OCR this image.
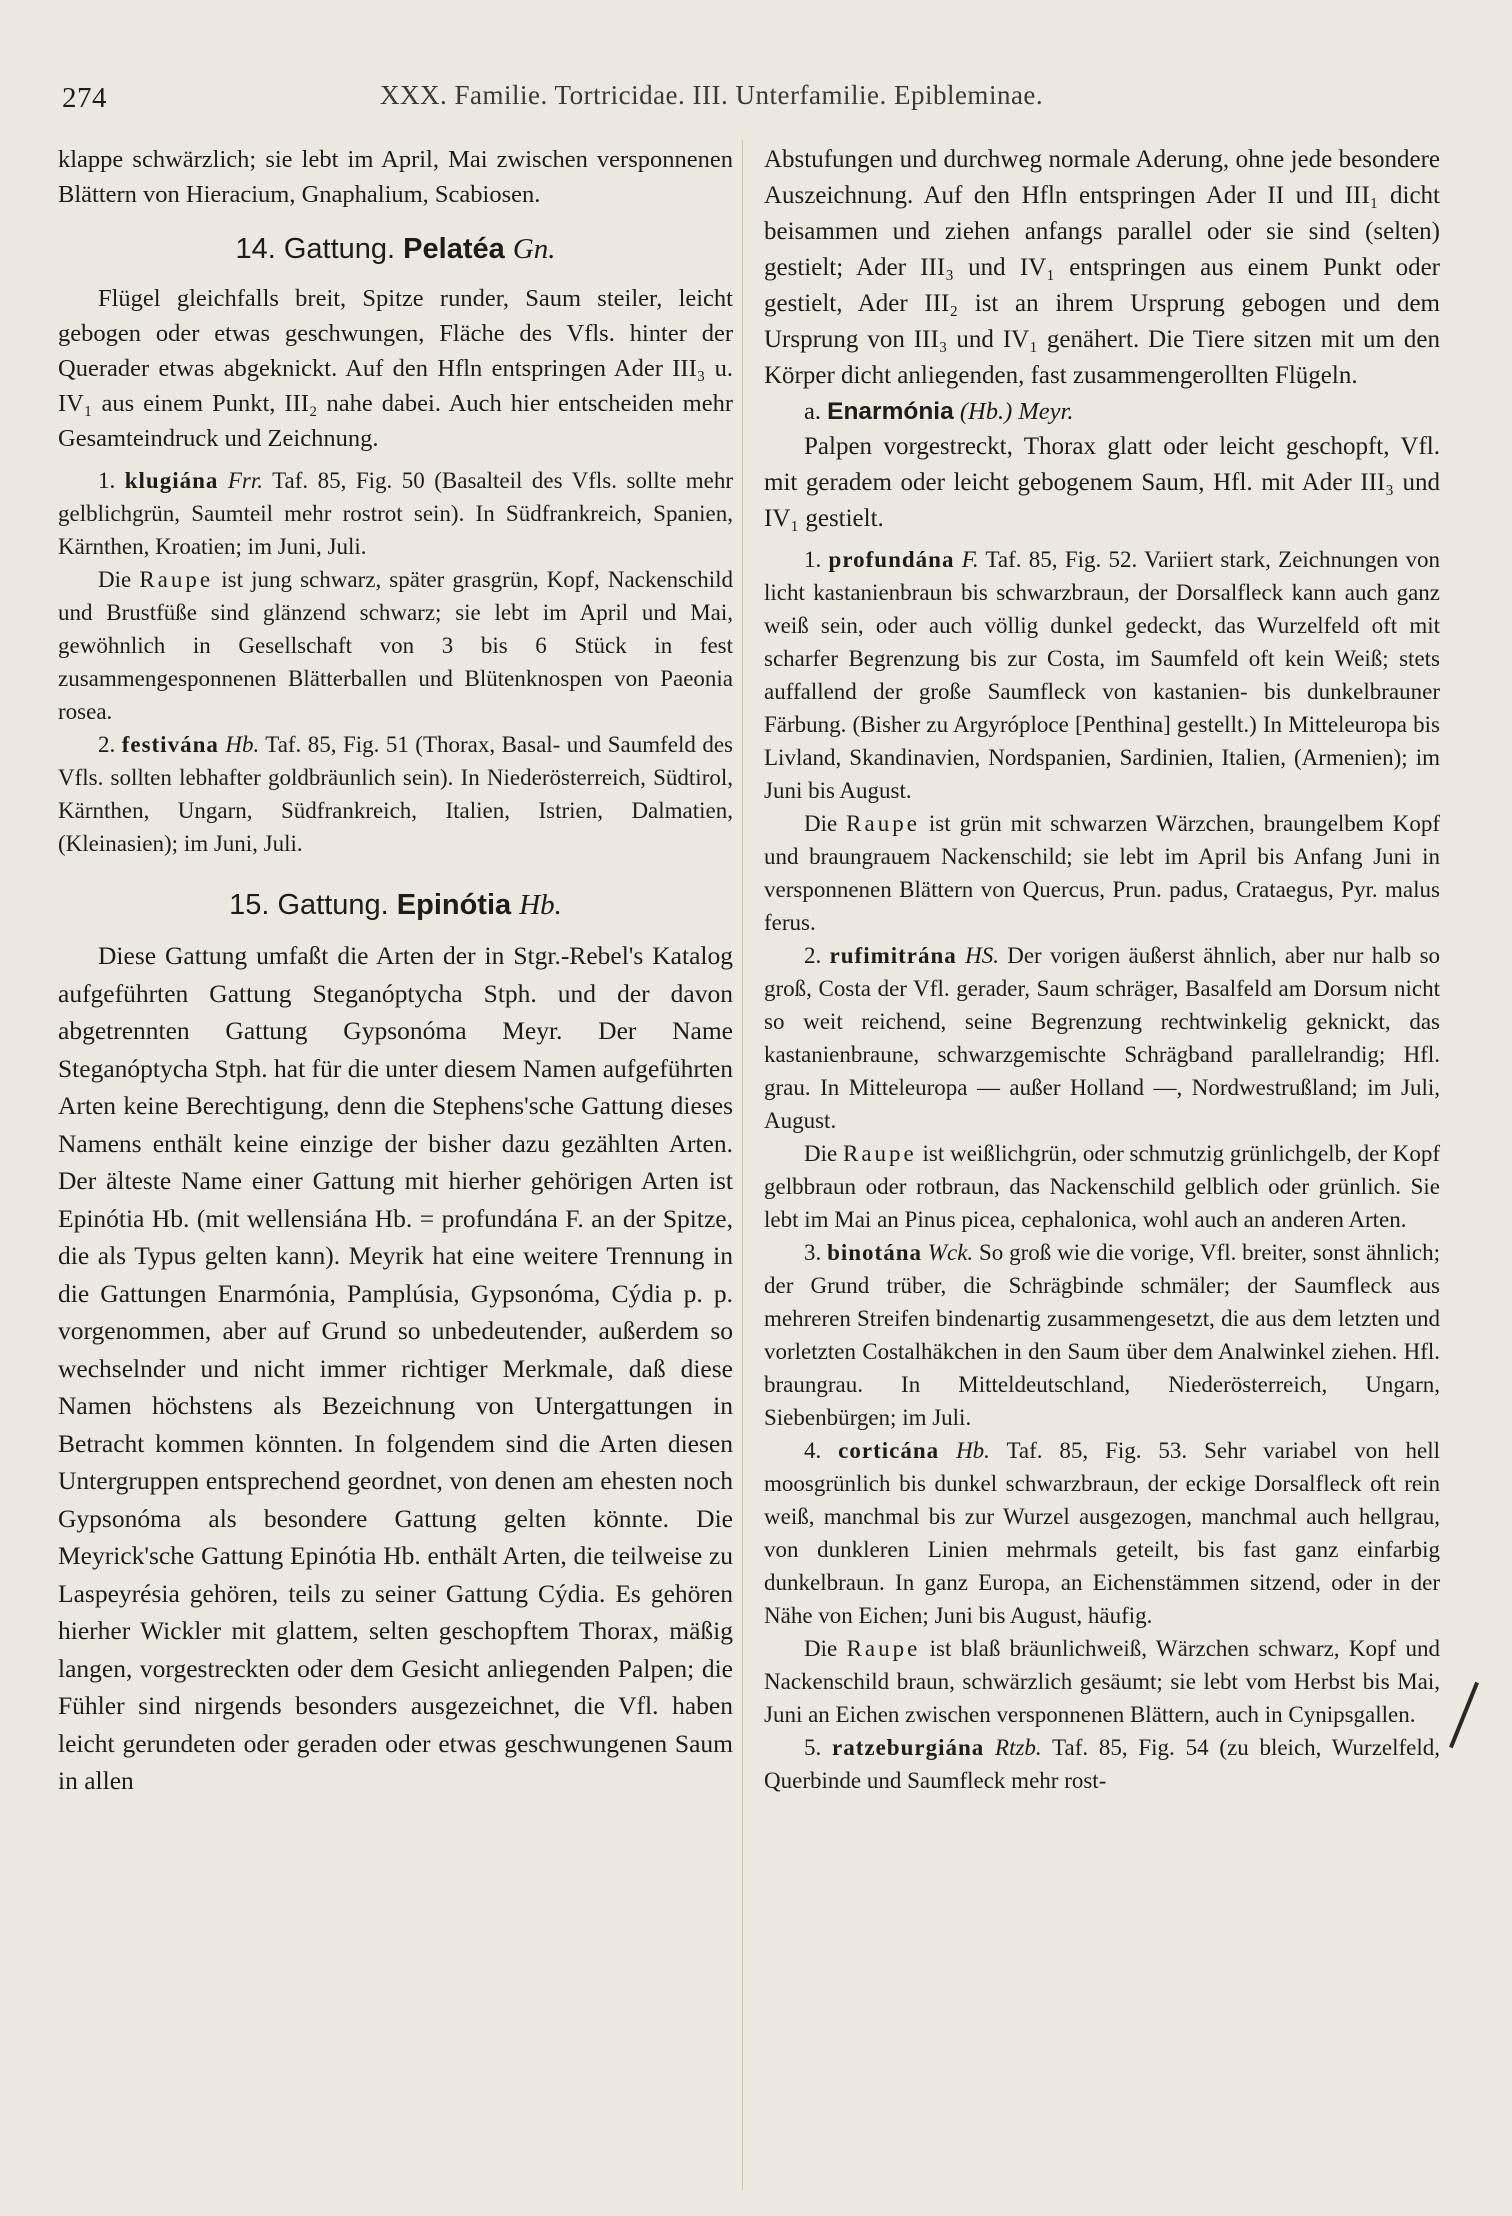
274	XXX. Familie. Tortricidae. III. Unterfamilie. Epibleminae.

klappe schwärzlich; sie lebt im April, Mai zwischen versponnenen Blättern von Hieracium, Gnaphalium, Scabiosen.

14. Gattung. Pelatéa Gn.

Flügel gleichfalls breit, Spitze runder, Saum steiler, leicht gebogen oder etwas geschwungen, Fläche des Vfls. hinter der Querader etwas abgeknickt. Auf den Hfln entspringen Ader III₃ u. IV₁ aus einem Punkt, III₂ nahe dabei. Auch hier entscheiden mehr Gesamteindruck und Zeichnung.

1. klugiána Frr. Taf. 85, Fig. 50 (Basalteil des Vfls. sollte mehr gelblichgrün, Saumteil mehr rostrot sein). In Südfrankreich, Spanien, Kärnthen, Kroatien; im Juni, Juli.

Die Raupe ist jung schwarz, später grasgrün, Kopf, Nackenschild und Brustfüße sind glänzend schwarz; sie lebt im April und Mai, gewöhnlich in Gesellschaft von 3 bis 6 Stück in fest zusammengesponnenen Blätterballen und Blütenknospen von Paeonia rosea.

2. festivána Hb. Taf. 85, Fig. 51 (Thorax, Basal- und Saumfeld des Vfls. sollten lebhafter goldbräunlich sein). In Niederösterreich, Südtirol, Kärnthen, Ungarn, Südfrankreich, Italien, Istrien, Dalmatien, (Kleinasien); im Juni, Juli.

15. Gattung. Epinótia Hb.

Diese Gattung umfaßt die Arten der in Stgr.-Rebel's Katalog aufgeführten Gattung Steganóptycha Stph. und der davon abgetrennten Gattung Gypsonóma Meyr. Der Name Steganóptycha Stph. hat für die unter diesem Namen aufgeführten Arten keine Berechtigung, denn die Stephens'sche Gattung dieses Namens enthält keine einzige der bisher dazu gezählten Arten. Der älteste Name einer Gattung mit hierher gehörigen Arten ist Epinótia Hb. (mit wellensiána Hb. = profundána F. an der Spitze, die als Typus gelten kann). Meyrik hat eine weitere Trennung in die Gattungen Enarmónia, Pamplúsia, Gypsonóma, Cýdia p. p. vorgenommen, aber auf Grund so unbedeutender, außerdem so wechselnder und nicht immer richtiger Merkmale, daß diese Namen höchstens als Bezeichnung von Untergattungen in Betracht kommen könnten. In folgendem sind die Arten diesen Untergruppen entsprechend geordnet, von denen am ehesten noch Gypsonóma als besondere Gattung gelten könnte. Die Meyrick'sche Gattung Epinótia Hb. enthält Arten, die teilweise zu Laspeyrésia gehören, teils zu seiner Gattung Cýdia. Es gehören hierher Wickler mit glattem, selten geschopftem Thorax, mäßig langen, vorgestreckten oder dem Gesicht anliegenden Palpen; die Fühler sind nirgends besonders ausgezeichnet, die Vfl. haben leicht gerundeten oder geraden oder etwas geschwungenen Saum in allen

Abstufungen und durchweg normale Aderung, ohne jede besondere Auszeichnung. Auf den Hfln entspringen Ader II und III₁ dicht beisammen und ziehen anfangs parallel oder sie sind (selten) gestielt; Ader III₃ und IV₁ entspringen aus einem Punkt oder gestielt, Ader III₂ ist an ihrem Ursprung gebogen und dem Ursprung von III₃ und IV₁ genähert. Die Tiere sitzen mit um den Körper dicht anliegenden, fast zusammengerollten Flügeln.

a. Enarmónia (Hb.) Meyr.

Palpen vorgestreckt, Thorax glatt oder leicht geschopft, Vfl. mit geradem oder leicht gebogenem Saum, Hfl. mit Ader III₃ und IV₁ gestielt.

1. profundána F. Taf. 85, Fig. 52. Variiert stark, Zeichnungen von licht kastanienbraun bis schwarzbraun, der Dorsalfleck kann auch ganz weiß sein, oder auch völlig dunkel gedeckt, das Wurzelfeld oft mit scharfer Begrenzung bis zur Costa, im Saumfeld oft kein Weiß; stets auffallend der große Saumfleck von kastanien- bis dunkelbrauner Färbung. (Bisher zu Argyróploce [Penthina] gestellt.) In Mitteleuropa bis Livland, Skandinavien, Nordspanien, Sardinien, Italien, (Armenien); im Juni bis August.

Die Raupe ist grün mit schwarzen Wärzchen, braungelbem Kopf und braungrauem Nackenschild; sie lebt im April bis Anfang Juni in versponnenen Blättern von Quercus, Prun. padus, Crataegus, Pyr. malus ferus.

2. rufimitrána HS. Der vorigen äußerst ähnlich, aber nur halb so groß, Costa der Vfl. gerader, Saum schräger, Basalfeld am Dorsum nicht so weit reichend, seine Begrenzung rechtwinkelig geknickt, das kastanienbraune, schwarzgemischte Schrägband parallelrandig; Hfl. grau. In Mitteleuropa — außer Holland —, Nordwestrußland; im Juli, August.

Die Raupe ist weißlichgrün, oder schmutzig grünlichgelb, der Kopf gelbbraun oder rotbraun, das Nackenschild gelblich oder grünlich. Sie lebt im Mai an Pinus picea, cephalonica, wohl auch an anderen Arten.

3. binotána Wck. So groß wie die vorige, Vfl. breiter, sonst ähnlich; der Grund trüber, die Schrägbinde schmäler; der Saumfleck aus mehreren Streifen bindenartig zusammengesetzt, die aus dem letzten und vorletzten Costalhäkchen in den Saum über dem Analwinkel ziehen. Hfl. braungrau. In Mitteldeutschland, Niederösterreich, Ungarn, Siebenbürgen; im Juli.

4. corticána Hb. Taf. 85, Fig. 53. Sehr variabel von hell moosgrünlich bis dunkel schwarzbraun, der eckige Dorsalfleck oft rein weiß, manchmal bis zur Wurzel ausgezogen, manchmal auch hellgrau, von dunkleren Linien mehrmals geteilt, bis fast ganz einfarbig dunkelbraun. In ganz Europa, an Eichenstämmen sitzend, oder in der Nähe von Eichen; Juni bis August, häufig.

Die Raupe ist blaß bräunlichweiß, Wärzchen schwarz, Kopf und Nackenschild braun, schwärzlich gesäumt; sie lebt vom Herbst bis Mai, Juni an Eichen zwischen versponnenen Blättern, auch in Cynipsgallen.

5. ratzeburgiána Rtzb. Taf. 85, Fig. 54 (zu bleich, Wurzelfeld, Querbinde und Saumfleck mehr rost-
